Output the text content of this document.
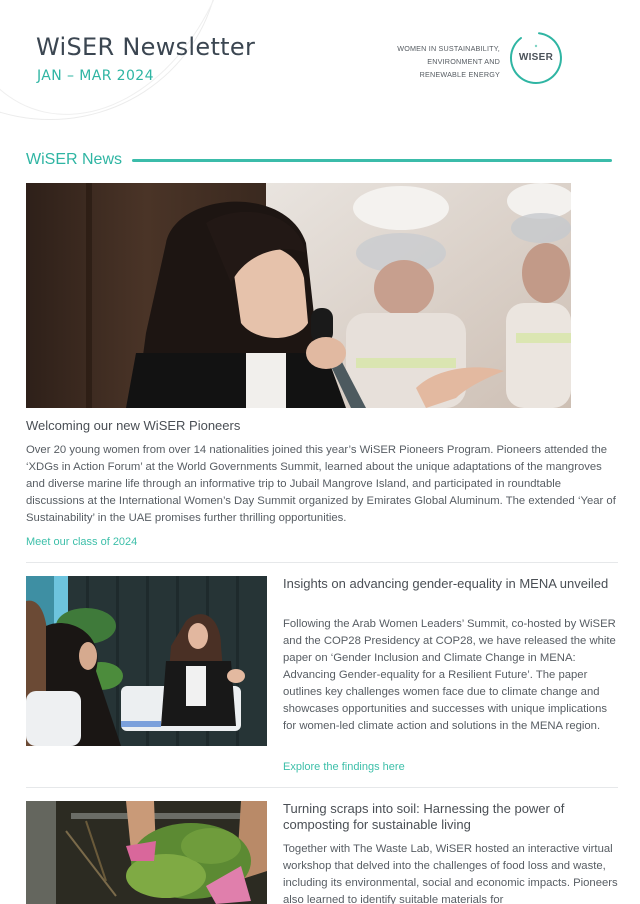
WiSER Newsletter
JAN – MAR 2024
WOMEN IN SUSTAINABILITY,
ENVIRONMENT AND
RENEWABLE ENERGY
WISER
WiSER News
Welcoming our new WiSER Pioneers
Over 20 young women from over 14 nationalities joined this year’s WiSER Pioneers Program. Pioneers attended the ‘XDGs in Action Forum’ at the World Governments Summit, learned about the unique adaptations of the mangroves and diverse marine life through an informative trip to Jubail Mangrove Island, and participated in roundtable discussions at the International Women’s Day Summit organized by Emirates Global Aluminum. The extended ‘Year of Sustainability’ in the UAE promises further thrilling opportunities.
Meet our class of 2024
Insights on advancing gender-equality in MENA unveiled
Following the Arab Women Leaders’ Summit, co-hosted by WiSER and the COP28 Presidency at COP28, we have released the white paper on ‘Gender Inclusion and Climate Change in MENA: Advancing Gender-equality for a Resilient Future’. The paper outlines key challenges women face due to climate change and showcases opportunities and successes with unique implications for women-led climate action and solutions in the MENA region.
Explore the findings here
Turning scraps into soil: Harnessing the power of composting for sustainable living
Together with The Waste Lab, WiSER hosted an interactive virtual workshop that delved into the challenges of food loss and waste, including its environmental, social and economic impacts. Pioneers also learned to identify suitable materials for
